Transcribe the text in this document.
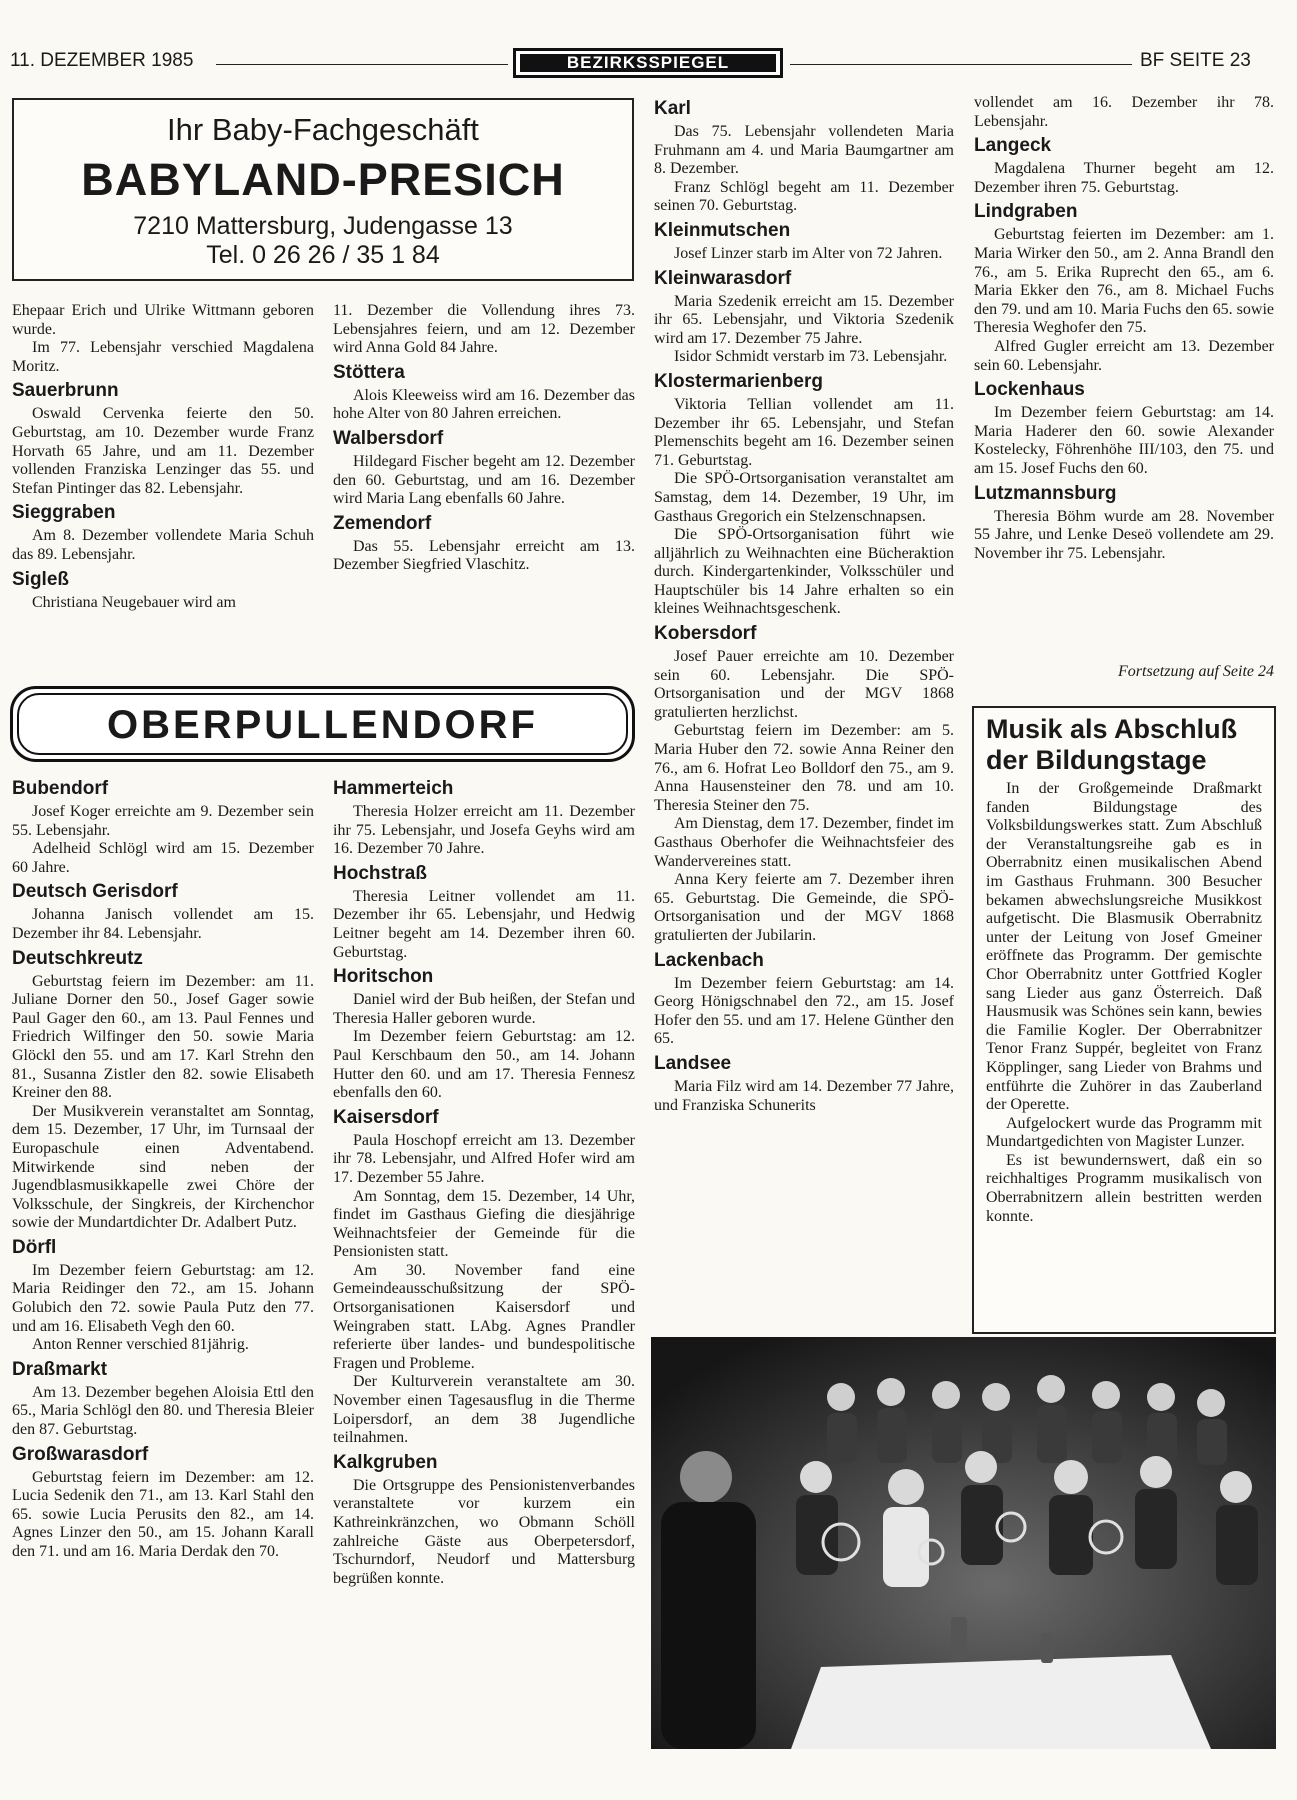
11. DEZEMBER 1985	BEZIRKSSPIEGEL	BF SEITE 23
Ihr Baby-Fachgeschäft
BABYLAND-PRESICH
7210 Mattersburg, Judengasse 13
Tel. 0 26 26 / 35 1 84

Ehepaar Erich und Ulrike Wittmann geboren wurde.

Im 77. Lebensjahr verschied Magdalena Moritz.

Sauerbrunn

Oswald Cervenka feierte den 50. Geburtstag, am 10. Dezember wurde Franz Horvath 65 Jahre, und am 11. Dezember vollenden Franziska Lenzinger das 55. und Stefan Pintinger das 82. Lebensjahr.

Sieggraben

Am 8. Dezember vollendete Maria Schuh das 89. Lebensjahr.

Sigleß

Christiana Neugebauer wird am

11. Dezember die Vollendung ihres 73. Lebensjahres feiern, und am 12. Dezember wird Anna Gold 84 Jahre.

Stöttera

Alois Kleeweiss wird am 16. Dezember das hohe Alter von 80 Jahren erreichen.

Walbersdorf

Hildegard Fischer begeht am 12. Dezember den 60. Geburtstag, und am 16. Dezember wird Maria Lang ebenfalls 60 Jahre.

Zemendorf

Das 55. Lebensjahr erreicht am 13. Dezember Siegfried Vlaschitz.

OBERPULLENDORF
Bubendorf

Josef Koger erreichte am 9. Dezember sein 55. Lebensjahr.

Adelheid Schlögl wird am 15. Dezember 60 Jahre.

Deutsch Gerisdorf

Johanna Janisch vollendet am 15. Dezember ihr 84. Lebensjahr.

Deutschkreutz

Geburtstag feiern im Dezember: am 11. Juliane Dorner den 50., Josef Gager sowie Paul Gager den 60., am 13. Paul Fennes und Friedrich Wilfinger den 50. sowie Maria Glöckl den 55. und am 17. Karl Strehn den 81., Susanna Zistler den 82. sowie Elisabeth Kreiner den 88.

Der Musikverein veranstaltet am Sonntag, dem 15. Dezember, 17 Uhr, im Turnsaal der Europaschule einen Adventabend. Mitwirkende sind neben der Jugendblasmusikkapelle zwei Chöre der Volksschule, der Singkreis, der Kirchenchor sowie der Mundartdichter Dr. Adalbert Putz.

Dörfl

Im Dezember feiern Geburtstag: am 12. Maria Reidinger den 72., am 15. Johann Golubich den 72. sowie Paula Putz den 77. und am 16. Elisabeth Vegh den 60.

Anton Renner verschied 81jährig.

Draßmarkt

Am 13. Dezember begehen Aloisia Ettl den 65., Maria Schlögl den 80. und Theresia Bleier den 87. Geburtstag.

Großwarasdorf

Geburtstag feiern im Dezember: am 12. Lucia Sedenik den 71., am 13. Karl Stahl den 65. sowie Lucia Perusits den 82., am 14. Agnes Linzer den 50., am 15. Johann Karall den 71. und am 16. Maria Derdak den 70.

Hammerteich

Theresia Holzer erreicht am 11. Dezember ihr 75. Lebensjahr, und Josefa Geyhs wird am 16. Dezember 70 Jahre.

Hochstraß

Theresia Leitner vollendet am 11. Dezember ihr 65. Lebensjahr, und Hedwig Leitner begeht am 14. Dezember ihren 60. Geburtstag.

Horitschon

Daniel wird der Bub heißen, der Stefan und Theresia Haller geboren wurde.

Im Dezember feiern Geburtstag: am 12. Paul Kerschbaum den 50., am 14. Johann Hutter den 60. und am 17. Theresia Fennesz ebenfalls den 60.

Kaisersdorf

Paula Hoschopf erreicht am 13. Dezember ihr 78. Lebensjahr, und Alfred Hofer wird am 17. Dezember 55 Jahre.

Am Sonntag, dem 15. Dezember, 14 Uhr, findet im Gasthaus Giefing die diesjährige Weihnachtsfeier der Gemeinde für die Pensionisten statt.

Am 30. November fand eine Gemeindeausschußsitzung der SPÖ-Ortsorganisationen Kaisersdorf und Weingraben statt. LAbg. Agnes Prandler referierte über landes- und bundespolitische Fragen und Probleme.

Der Kulturverein veranstaltete am 30. November einen Tagesausflug in die Therme Loipersdorf, an dem 38 Jugendliche teilnahmen.

Kalkgruben

Die Ortsgruppe des Pensionistenverbandes veranstaltete vor kurzem ein Kathreinkränzchen, wo Obmann Schöll zahlreiche Gäste aus Oberpetersdorf, Tschurndorf, Neudorf und Mattersburg begrüßen konnte.

Karl

Das 75. Lebensjahr vollendeten Maria Fruhmann am 4. und Maria Baumgartner am 8. Dezember.

Franz Schlögl begeht am 11. Dezember seinen 70. Geburtstag.

Kleinmutschen

Josef Linzer starb im Alter von 72 Jahren.

Kleinwarasdorf

Maria Szedenik erreicht am 15. Dezember ihr 65. Lebensjahr, und Viktoria Szedenik wird am 17. Dezember 75 Jahre.

Isidor Schmidt verstarb im 73. Lebensjahr.

Klostermarienberg

Viktoria Tellian vollendet am 11. Dezember ihr 65. Lebensjahr, und Stefan Plemenschits begeht am 16. Dezember seinen 71. Geburtstag.

Die SPÖ-Ortsorganisation veranstaltet am Samstag, dem 14. Dezember, 19 Uhr, im Gasthaus Gregorich ein Stelzenschnapsen.

Die SPÖ-Ortsorganisation führt wie alljährlich zu Weihnachten eine Bücheraktion durch. Kindergartenkinder, Volksschüler und Hauptschüler bis 14 Jahre erhalten so ein kleines Weihnachtsgeschenk.

Kobersdorf

Josef Pauer erreichte am 10. Dezember sein 60. Lebensjahr. Die SPÖ-Ortsorganisation und der MGV 1868 gratulierten herzlichst.

Geburtstag feiern im Dezember: am 5. Maria Huber den 72. sowie Anna Reiner den 76., am 6. Hofrat Leo Bolldorf den 75., am 9. Anna Hausensteiner den 78. und am 10. Theresia Steiner den 75.

Am Dienstag, dem 17. Dezember, findet im Gasthaus Oberhofer die Weihnachtsfeier des Wandervereines statt.

Anna Kery feierte am 7. Dezember ihren 65. Geburtstag. Die Gemeinde, die SPÖ-Ortsorganisation und der MGV 1868 gratulierten der Jubilarin.

Lackenbach

Im Dezember feiern Geburtstag: am 14. Georg Hönigschnabel den 72., am 15. Josef Hofer den 55. und am 17. Helene Günther den 65.

Landsee

Maria Filz wird am 14. Dezember 77 Jahre, und Franziska Schunerits

vollendet am 16. Dezember ihr 78. Lebensjahr.

Langeck

Magdalena Thurner begeht am 12. Dezember ihren 75. Geburtstag.

Lindgraben

Geburtstag feierten im Dezember: am 1. Maria Wirker den 50., am 2. Anna Brandl den 76., am 5. Erika Ruprecht den 65., am 6. Maria Ekker den 76., am 8. Michael Fuchs den 79. und am 10. Maria Fuchs den 65. sowie Theresia Weghofer den 75.

Alfred Gugler erreicht am 13. Dezember sein 60. Lebensjahr.

Lockenhaus

Im Dezember feiern Geburtstag: am 14. Maria Haderer den 60. sowie Alexander Kostelecky, Föhrenhöhe III/103, den 75. und am 15. Josef Fuchs den 60.

Lutzmannsburg

Theresia Böhm wurde am 28. November 55 Jahre, und Lenke Deseö vollendete am 29. November ihr 75. Lebensjahr.

Fortsetzung auf Seite 24
Musik als Abschluß der Bildungstage

In der Großgemeinde Draßmarkt fanden Bildungstage des Volksbildungswerkes statt. Zum Abschluß der Veranstaltungsreihe gab es in Oberrabnitz einen musikalischen Abend im Gasthaus Fruhmann. 300 Besucher bekamen abwechslungsreiche Musikkost aufgetischt. Die Blasmusik Oberrabnitz unter der Leitung von Josef Gmeiner eröffnete das Programm. Der gemischte Chor Oberrabnitz unter Gottfried Kogler sang Lieder aus ganz Österreich. Daß Hausmusik was Schönes sein kann, bewies die Familie Kogler. Der Oberrabnitzer Tenor Franz Suppér, begleitet von Franz Köpplinger, sang Lieder von Brahms und entführte die Zuhörer in das Zauberland der Operette.

Aufgelockert wurde das Programm mit Mundartgedichten von Magister Lunzer.

Es ist bewundernswert, daß ein so reichhaltiges Programm musikalisch von Oberrabnitzern allein bestritten werden konnte.
